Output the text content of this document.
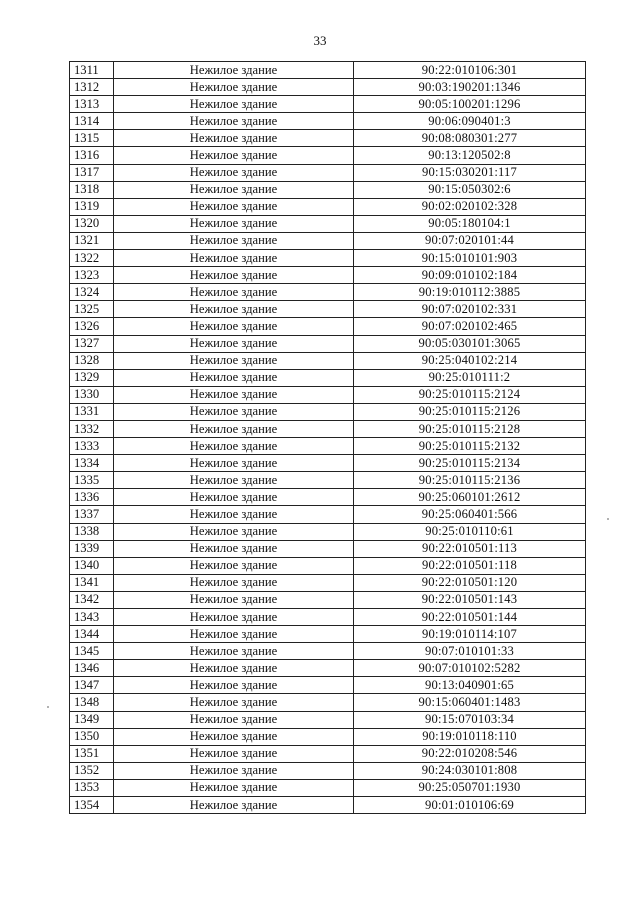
33
1311	Нежилое здание	90:22:010106:301
1312	Нежилое здание	90:03:190201:1346
1313	Нежилое здание	90:05:100201:1296
1314	Нежилое здание	90:06:090401:3
1315	Нежилое здание	90:08:080301:277
1316	Нежилое здание	90:13:120502:8
1317	Нежилое здание	90:15:030201:117
1318	Нежилое здание	90:15:050302:6
1319	Нежилое здание	90:02:020102:328
1320	Нежилое здание	90:05:180104:1
1321	Нежилое здание	90:07:020101:44
1322	Нежилое здание	90:15:010101:903
1323	Нежилое здание	90:09:010102:184
1324	Нежилое здание	90:19:010112:3885
1325	Нежилое здание	90:07:020102:331
1326	Нежилое здание	90:07:020102:465
1327	Нежилое здание	90:05:030101:3065
1328	Нежилое здание	90:25:040102:214
1329	Нежилое здание	90:25:010111:2
1330	Нежилое здание	90:25:010115:2124
1331	Нежилое здание	90:25:010115:2126
1332	Нежилое здание	90:25:010115:2128
1333	Нежилое здание	90:25:010115:2132
1334	Нежилое здание	90:25:010115:2134
1335	Нежилое здание	90:25:010115:2136
1336	Нежилое здание	90:25:060101:2612
1337	Нежилое здание	90:25:060401:566
1338	Нежилое здание	90:25:010110:61
1339	Нежилое здание	90:22:010501:113
1340	Нежилое здание	90:22:010501:118
1341	Нежилое здание	90:22:010501:120
1342	Нежилое здание	90:22:010501:143
1343	Нежилое здание	90:22:010501:144
1344	Нежилое здание	90:19:010114:107
1345	Нежилое здание	90:07:010101:33
1346	Нежилое здание	90:07:010102:5282
1347	Нежилое здание	90:13:040901:65
1348	Нежилое здание	90:15:060401:1483
1349	Нежилое здание	90:15:070103:34
1350	Нежилое здание	90:19:010118:110
1351	Нежилое здание	90:22:010208:546
1352	Нежилое здание	90:24:030101:808
1353	Нежилое здание	90:25:050701:1930
1354	Нежилое здание	90:01:010106:69
